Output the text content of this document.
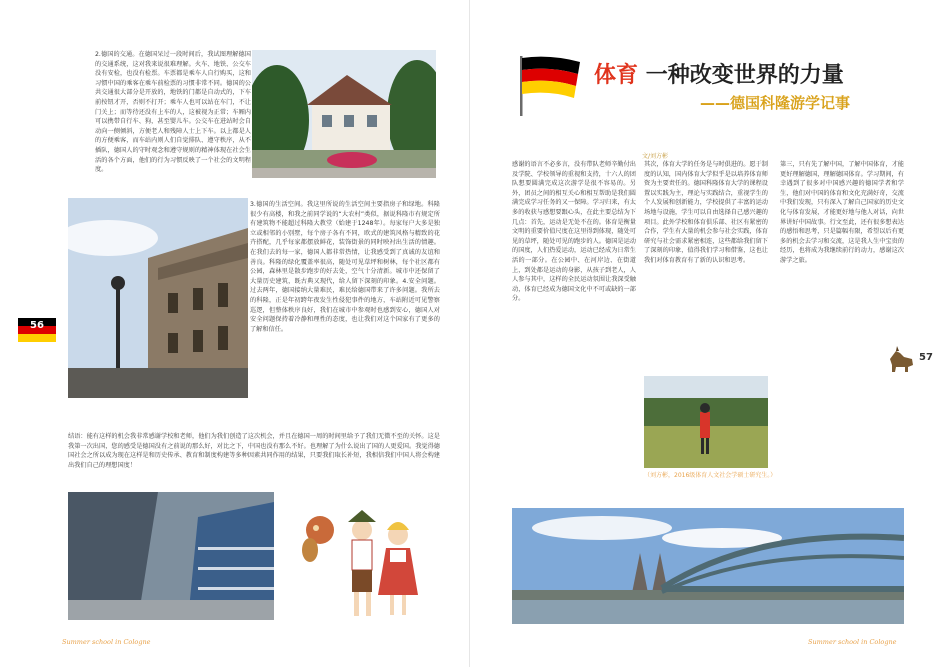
2.德国的交通。在德国呆过一段时间后，我试图理解德国的交通系统，这对我来说很难理解。火车、地铁、公交车没有安检，也没有检票。车票都是乘车人自行购买，这和习惯中国的乘客在乘车前检票的习惯非常不同。德国的公共交通很大部分是开放的，地铁的门都是自动式的，下车前按钮才开，否则不打开；乘车人也可以站在车门，不让门关上；而等待还没有上车的人，这被视为正常；车厢内可以携带自行车、狗，甚至婴儿车。公交车在进站时会自动向一侧倾斜，方便老人和残障人士上下车。以上都是人的方便乘客，而车站内则人们自觉排队、遵守秩序，从不插队，德国人的守时观念和遵守规则的精神体现在社会生活的各个方面，他们的行为习惯反映了一个社会的文明程度。
3.德国的生活空间。我这里所说的生活空间主要指房子和绿地。科隆很少有高楼，和我之前同学说的“大农村”类似，据说科隆市有规定所有建筑物不能超过科隆大教堂（始建于1248年）。每家每户大多是独立或相邻的小别墅，每个房子各有不同，欧式的建筑风格与精致的花卉搭配，几乎每家都摆放鲜花，装饰街景的同时映衬出生活的情趣。在我们去的每一家，德国人都非常热情，让我感受到了真诚的友谊和善良。科隆的绿化覆盖率很高，随处可见草坪和树林，每个社区都有公园，森林里是散步跑步的好去处，空气十分清新。城市中还保留了大量历史建筑，既古典又现代，给人留下深刻的印象。4.安全问题。过去两年，德国接纳大量难民，难民给德国带来了许多问题。我所去的科隆，正是年初跨年夜发生性侵犯事件的地方，车站附近可见警察巡逻，但整体秩序良好，我们在城市中参观时也感到安心，德国人对安全问题保持着冷静和理性的态度，也让我们对这个国家有了更多的了解和信任。
结语：能有这样的机会我非常感谢学校和老师，他们为我们创造了这次机会，并且在德国一周的时间里给予了我们无微不至的关怀。这是我第一次出国，您的感受是德国没有之前说的那么好，对比之下，中国也没有那么不好。也理解了为什么说出了国的人更爱国。我觉得德国社会之所以成为现在这样是和历史传承、教育和制度构建等多种因素共同作用的结果，只要我们取长补短，我相信我们中国人将会构建出我们自己的理想国度！
56
Summer school in Cologne
体育 一种改变世界的力量
——德国科隆游学记事
文/刘方彬
感谢的语言不必多言，没有带队老师辛勤付出及学院、学校领导的重视和支持，十六人的团队想要圆满完成这次游学是很不容易的。另外，团员之间的相互关心和相互帮助是我们圆满完成学习任务的又一保障。学习归来，有太多的收获与感想要跟心头，在此主要总结为下几点：首先，运动是无处不在的。体育是衡量文明的重要价值尺度在这里得到体现，随处可见的草坪，随处可见的跑步的人。德国是运动的国度，人们热爱运动，运动已经成为日常生活的一部分。在公园中、在河岸边、在街道上，到处都是运动的身影，从孩子到老人，人人参与其中，这样的全民运动氛围让我深受触动，体育已经成为德国文化中不可或缺的一部分。
其次，体育大学的任务是与时俱进的。愿于制度的认知，国内体育大学似乎是以培养体育师资为主要责任的。德国科隆体育大学的课程设置以实践为主，理论与实践结合，重视学生的个人发展和创新能力，学校提供了丰富的运动场地与设施，学生可以自由选择自己感兴趣的项目。此外学校和体育俱乐部、社区有紧密的合作，学生有大量的机会参与社会实践，体育研究与社会需求紧密相连，这些都给我们留下了深刻的印象，值得我们学习和借鉴，这也让我们对体育教育有了新的认识和思考。
（刘方彬，2016级体育人文社会学硕士研究生。）
第三，只有先了解中国，了解中国体育，才能更好理解德国，理解德国体育。学习期间，有幸遇到了很多对中国感兴趣的德国学者和学生，他们对中国的体育和文化充满好奇，交流中我们发现，只有深入了解自己国家的历史文化与体育发展，才能更好地与他人对话，向世界讲好中国故事。行文至此，还有很多想表达的感悟和思考，只是篇幅有限，希望以后有更多的机会去学习和交流，这是我人生中宝贵的经历，也将成为我继续前行的动力，感谢这次游学之旅。
57
Summer school in Cologne
